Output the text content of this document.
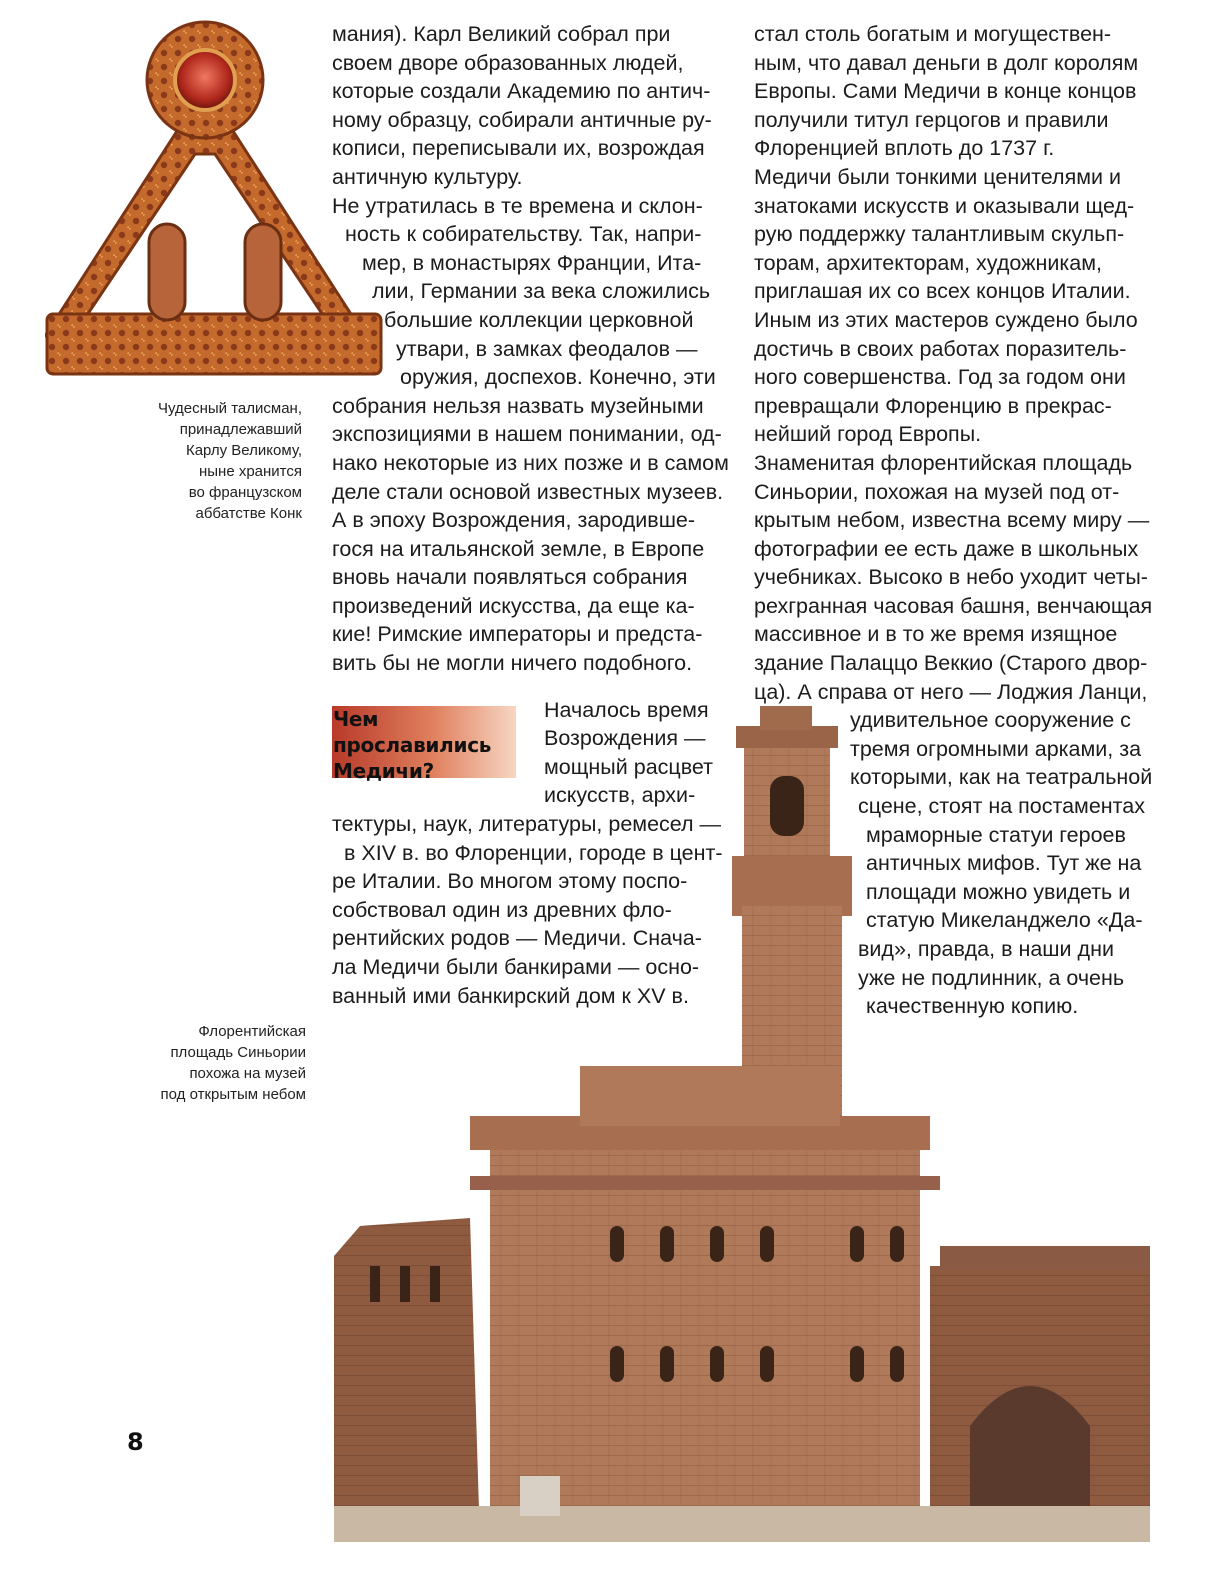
Чудесный талисман,
принадлежавший
Карлу Великому,
ныне хранится
во французском
аббатстве Конк
мания). Карл Великий собрал при
своем дворе образованных людей,
которые создали Академию по антич-
ному образцу, собирали античные ру-
кописи, переписывали их, возрождая
античную культуру.
Не утратилась в те времена и склон-
ность к собирательству. Так, напри-
мер, в монастырях Франции, Ита-
лии, Германии за века сложились
большие коллекции церковной
утвари, в замках феодалов —
оружия, доспехов. Конечно, эти
собрания нельзя назвать музейными
экспозициями в нашем понимании, од-
нако некоторые из них позже и в самом
деле стали основой известных музеев.
А в эпоху Возрождения, зародивше-
гося на итальянской земле, в Европе
вновь начали появляться собрания
произведений искусства, да еще ка-
кие! Римские императоры и предста-
вить бы не могли ничего подобного.
Началось время
Возрождения —
мощный расцвет
искусств, архи-
тектуры, наук, литературы, ремесел —
в XIV в. во Флоренции, городе в цент-
ре Италии. Во многом этому поспо-
собствовал один из древних фло-
рентийских родов — Медичи. Снача-
ла Медичи были банкирами — осно-
ванный ими банкирский дом к XV в.
Чем
прославились
Медичи?
Флорентийская
площадь Синьории
похожа на музей
под открытым небом
стал столь богатым и могуществен-
ным, что давал деньги в долг королям
Европы. Сами Медичи в конце концов
получили титул герцогов и правили
Флоренцией вплоть до 1737 г.
Медичи были тонкими ценителями и
знатоками искусств и оказывали щед-
рую поддержку талантливым скульп-
торам, архитекторам, художникам,
приглашая их со всех концов Италии.
Иным из этих мастеров суждено было
достичь в своих работах поразитель-
ного совершенства. Год за годом они
превращали Флоренцию в прекрас-
нейший город Европы.
Знаменитая флорентийская площадь
Синьории, похожая на музей под от-
крытым небом, известна всему миру —
фотографии ее есть даже в школьных
учебниках. Высоко в небо уходит четы-
рехгранная часовая башня, венчающая
массивное и в то же время изящное
здание Палаццо Веккио (Старого двор-
ца). А справа от него — Лоджия Ланци,
удивительное сооружение с
тремя огромными арками, за
которыми, как на театральной
сцене, стоят на постаментах
мраморные статуи героев
античных мифов. Тут же на
площади можно увидеть и
статую Микеланджело «Да-
вид», правда, в наши дни
уже не подлинник, а очень
качественную копию.
8
